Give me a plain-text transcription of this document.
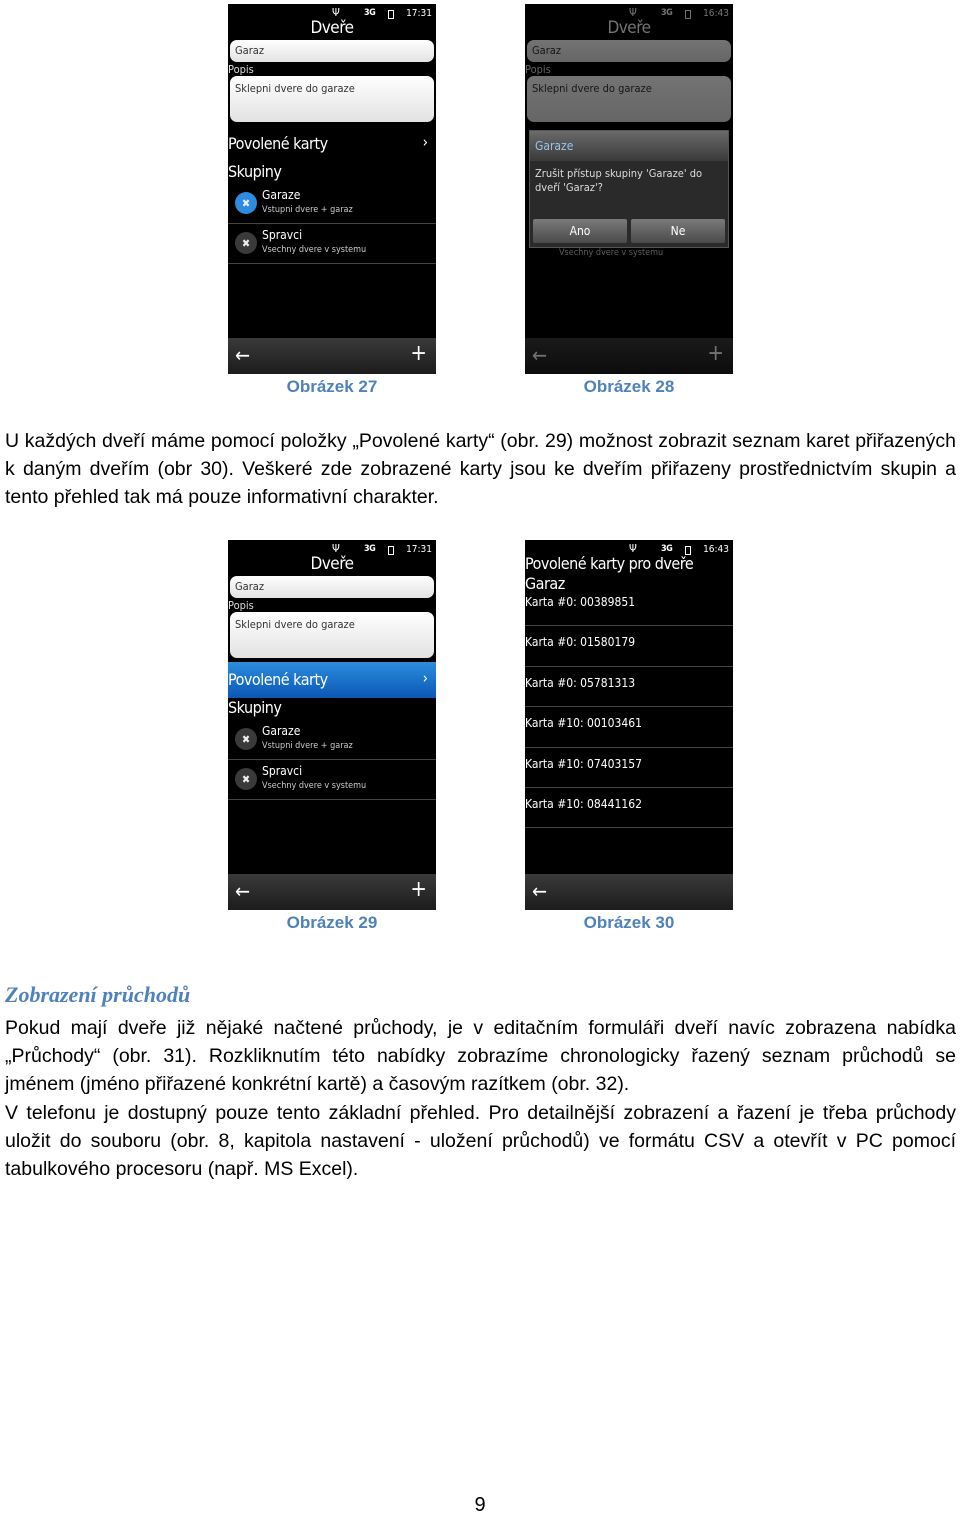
Ψ	3G	17:31
Dveře
Garaz
Popis
Sklepni dvere do garaze
Povolené karty	›
Skupiny
✖
Garaze
Vstupni dvere + garaz
✖
Spravci
Vsechny dvere v systemu
←	+
Obrázek 27
Garaze
Zrušit přístup skupiny 'Garaze' do
dveří 'Garaz'?
Ano	Ne
Obrázek 28
U každých dveří máme pomocí položky „Povolené karty“ (obr. 29) možnost zobrazit seznam karet přiřazených k daným dveřím (obr 30). Veškeré zde zobrazené karty jsou ke dveřím přiřazeny prostřednictvím skupin a tento přehled tak má pouze informativní charakter.
Ψ	3G	17:31
Dveře
Garaz
Popis
Sklepni dvere do garaze
Povolené karty	›
Skupiny
✖
Garaze
Vstupni dvere + garaz
✖
Spravci
Vsechny dvere v systemu
←	+
Obrázek 29
Ψ	3G	16:43
Povolené karty pro dveře
Garaz
Karta #0: 00389851
Karta #0: 01580179
Karta #0: 05781313
Karta #10: 00103461
Karta #10: 07403157
Karta #10: 08441162
←
Obrázek 30
Zobrazení průchodů
Pokud mají dveře již nějaké načtené průchody, je v editačním formuláři dveří navíc zobrazena nabídka „Průchody“ (obr. 31). Rozkliknutím této nabídky zobrazíme chronologicky řazený seznam průchodů se jménem (jméno přiřazené konkrétní kartě) a časovým razítkem (obr. 32).
V telefonu je dostupný pouze tento základní přehled. Pro detailnější zobrazení a řazení je třeba průchody uložit do souboru (obr. 8, kapitola nastavení - uložení průchodů) ve formátu CSV a otevřít v PC pomocí tabulkového procesoru (např. MS Excel).
9
